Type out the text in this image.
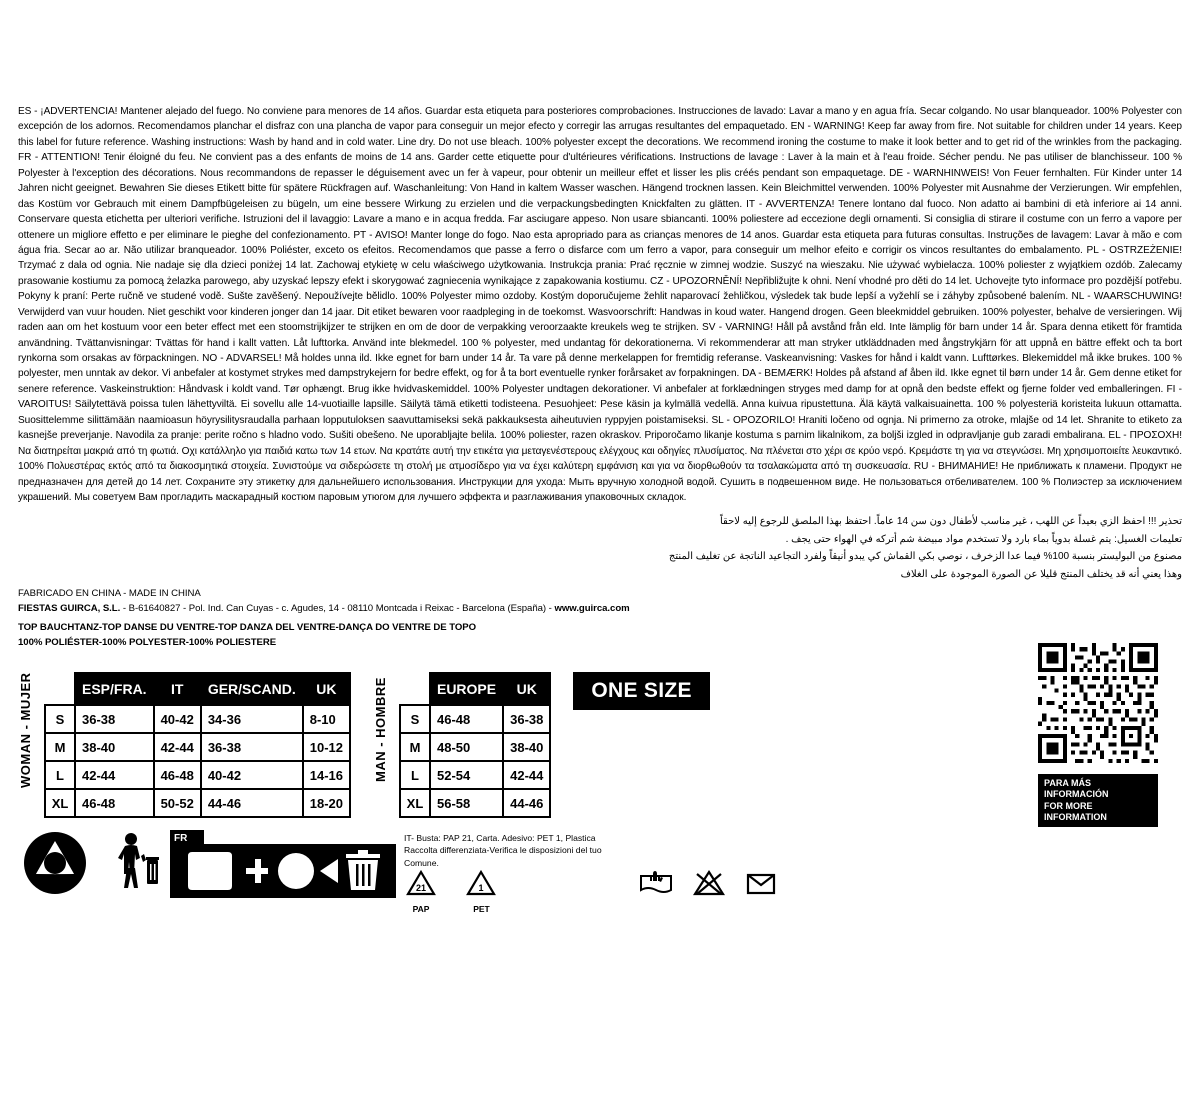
ES - ¡ADVERTENCIA! Mantener alejado del fuego. No conviene para menores de 14 años. Guardar esta etiqueta para posteriores comprobaciones. Instrucciones de lavado: Lavar a mano y en agua fría. Secar colgando. No usar blanqueador. 100% Polyester con excepción de los adornos. Recomendamos planchar el disfraz con una plancha de vapor para conseguir un mejor efecto y corregir las arrugas resultantes del empaquetado. EN - WARNING! Keep far away from fire. Not suitable for children under 14 years. Keep this label for future reference. Washing instructions: Wash by hand and in cold water. Line dry. Do not use bleach. 100% polyester except the decorations. We recommend ironing the costume to make it look better and to get rid of the wrinkles from the packaging. FR - ATTENTION! Tenir éloigné du feu. Ne convient pas a des enfants de moins de 14 ans. Garder cette etiquette pour d'ultérieures vérifications. Instructions de lavage : Laver à la main et à l'eau froide. Sécher pendu. Ne pas utiliser de blanchisseur. 100 % Polyester à l'exception des décorations. Nous recommandons de repasser le déguisement avec un fer à vapeur, pour obtenir un meilleur effet et lisser les plis créés pendant son empaquetage. DE - WARNHINWEIS! Von Feuer fernhalten. Für Kinder unter 14 Jahren nicht geeignet. Bewahren Sie dieses Etikett bitte für spätere Rückfragen auf. Waschanleitung: Von Hand in kaltem Wasser waschen. Hängend trocknen lassen. Kein Bleichmittel verwenden. 100% Polyester mit Ausnahme der Verzierungen. Wir empfehlen, das Kostüm vor Gebrauch mit einem Dampfbügeleisen zu bügeln, um eine bessere Wirkung zu erzielen und die verpackungsbedingten Knickfalten zu glätten. IT - AVVERTENZA! Tenere lontano dal fuoco. Non adatto ai bambini di età inferiore ai 14 anni. Conservare questa etichetta per ulteriori verifiche. Istruzioni del il lavaggio: Lavare a mano e in acqua fredda. Far asciugare appeso. Non usare sbiancanti. 100% poliestere ad eccezione degli ornamenti. Si consiglia di stirare il costume con un ferro a vapore per ottenere un migliore effetto e per eliminare le pieghe del confezionamento. PT - AVISO! Manter longe do fogo. Nao esta apropriado para as crianças menores de 14 anos. Guardar esta etiqueta para futuras consultas. Instruções de lavagem: Lavar à mão e com água fria. Secar ao ar. Não utilizar branqueador. 100% Poliéster, exceto os efeitos. Recomendamos que passe a ferro o disfarce com um ferro a vapor, para conseguir um melhor efeito e corrigir os vincos resultantes do embalamento. PL - OSTRZEŻENIE! Trzymać z dala od ognia. Nie nadaje się dla dzieci poniżej 14 lat. Zachowaj etykietę w celu właściwego użytkowania. Instrukcja prania: Prać ręcznie w zimnej wodzie. Suszyć na wieszaku. Nie używać wybielacza. 100% poliester z wyjątkiem ozdób. Zalecamy prasowanie kostiumu za pomocą żelazka parowego, aby uzyskać lepszy efekt i skorygować zagniecenia wynikające z zapakowania kostiumu. CZ - UPOZORNĚNÍ! Nepřibližujte k ohni. Není vhodné pro děti do 14 let. Uchovejte tyto informace pro pozdější potřebu. Pokyny k praní: Perte ručně ve studené vodě. Sušte zavěšený. Nepoužívejte bělidlo. 100% Polyester mimo ozdoby. Kostým doporučujeme žehlit naparovací žehličkou, výsledek tak bude lepší a vyžehlí se i záhyby způsobené balením. NL - WAARSCHUWING! Verwijderd van vuur houden. Niet geschikt voor kinderen jonger dan 14 jaar. Dit etiket bewaren voor raadpleging in de toekomst. Wasvoorschrift: Handwas in koud water. Hangend drogen. Geen bleekmiddel gebruiken. 100% polyester, behalve de versieringen. Wij raden aan om het kostuum voor een beter effect met een stoomstrijkijzer te strijken en om de door de verpakking veroorzaakte kreukels weg te strijken. SV - VARNING! Håll på avstånd från eld. Inte lämplig för barn under 14 år. Spara denna etikett för framtida användning. Tvättanvisningar: Tvättas för hand i kallt vatten. Låt lufttorka. Använd inte blekmedel. 100 % polyester, med undantag för dekorationerna. Vi rekommenderar att man stryker utkläddnaden med ångstrykjärn för att uppnå en bättre effekt och ta bort rynkorna som orsakas av förpackningen. NO - ADVARSEL! Må holdes unna ild. Ikke egnet for barn under 14 år. Ta vare på denne merkelappen for fremtidig referanse. Vaskeanvisning: Vaskes for hånd i kaldt vann. Lufttørkes. Blekemiddel må ikke brukes. 100 % polyester, men unntak av dekor. Vi anbefaler at kostymet strykes med dampstrykejern for bedre effekt, og for å ta bort eventuelle rynker forårsaket av forpakningen. DA - BEMÆRK! Holdes på afstand af åben ild. Ikke egnet til børn under 14 år. Gem denne etiket for senere reference. Vaskeinstruktion: Håndvask i koldt vand. Tør ophængt. Brug ikke hvidvaskemiddel. 100% Polyester undtagen dekorationer. Vi anbefaler at forklædningen stryges med damp for at opnå den bedste effekt og fjerne folder ved emballeringen. FI - VAROITUS! Säilytettävä poissa tulen lähettyviltä. Ei sovellu alle 14-vuotiaille lapsille. Säilytä tämä etiketti todisteena. Pesuohjeet: Pese käsin ja kylmällä vedellä. Anna kuivua ripustettuna. Älä käytä valkaisuainetta. 100 % polyesteriä koristeita lukuun ottamatta. Suosittelemme silittämään naamioasun höyrysilitysraudalla parhaan lopputuloksen saavuttamiseksi sekä pakkauksesta aiheutuvien ryppyjen poistamiseksi. SL - OPOZORILO! Hraniti ločeno od ognja. Ni primerno za otroke, mlajše od 14 let. Shranite to etiketo za kasnejše preverjanje. Navodila za pranje: perite ročno s hladno vodo. Sušiti obešeno. Ne uporabljajte belila. 100% poliester, razen okraskov. Priporočamo likanje kostuma s parnim likalnikom, za boljši izgled in odpravljanje gub zaradi embalirana. EL - ΠΡΟΣΟΧΗ! Να διατηρείται μακριά από τη φωτιά. Οχι κατάλληλο για παιδιά κατω τωv 14 ετωv. Να κρατάτε αυτή την ετικέτα για μεταγενέστερους ελέγχους και οδηγίες πλυσίματος. Να πλένεται στο χέρι σε κρύο νερό. Κρεμάστε τη για να στεγνώσει. Μη χρησιμοποιείτε λευκαντικό. 100% Πολυεστέρας εκτός από τα διακοσμητικά στοιχεία. Συνιστούμε να σιδερώσετε τη στολή με ατμοσίδερο για να έχει καλύτερη εμφάνιση και για να διορθωθούν τα τσαλακώματα από τη συσκευασία. RU - ВНИМАНИЕ! Не приближать к пламени. Продукт не предназначен для детей до 14 лет. Сохраните эту этикетку для дальнейшего использования. Инструкции для ухода: Мыть вручную холодной водой. Сушить в подвешенном виде. Не пользоваться отбеливателем. 100 % Полиэстер за исключением украшений. Мы советуем Вам прогладить маскарадный костюм паровым утюгом для лучшего эффекта и разглаживания упаковочных складок.
تحذير !!! احفظ الزي بعيداً عن اللهب ، غير مناسب لأطفال دون سن 14 عاماً. احتفظ بهذا الملصق للرجوع إليه لاحقاً
تعليمات الغسيل: يتم غسلة بدوياً بماء بارد ولا تستخدم مواد مبيضة شم أتركه في الهواء حتى يجف .
مصنوع من البوليستر بنسبة 100% فيما عدا الزخرف ، نوصي بكي القماش كي يبدو أنيقاً ولفرد التجاعيد الناتجة عن تغليف المنتج
وهذا يعني أنه قد يختلف المنتج قليلا عن الصورة الموجودة على الغلاف
FABRICADO EN CHINA - MADE IN CHINA
FIESTAS GUIRCA, S.L. - B-61640827 - Pol. Ind. Can Cuyas - c. Agudes, 14 - 08110 Montcada i Reixac - Barcelona (España) - www.guirca.com
TOP BAUCHTANZ-TOP DANSE DU VENTRE-TOP DANZA DEL VENTRE-DANÇA DO VENTRE DE TOPO
100% POLIÉSTER-100% POLYESTER-100% POLIESTERE
WOMAN - MUJER
		ESP/FRA.	IT	GER/SCAND.	UK
S	36-38	40-42	34-36	8-10
M	38-40	42-44	36-38	10-12
L	42-44	46-48	40-42	14-16
XL	46-48	50-52	44-46	18-20
MAN - HOMBRE
		EUROPE	UK
S	46-48	36-38
M	48-50	38-40
L	52-54	42-44
XL	56-58	44-46
ONE SIZE
PARA MÁS INFORMACIÓN
FOR MORE INFORMATION
FR	IT- Busta: PAP 21, Carta. Adesivo: PET 1, Plastica
Raccolta differenziata-Verifica le disposizioni del tuo Comune.
21
PAP

1
PET
